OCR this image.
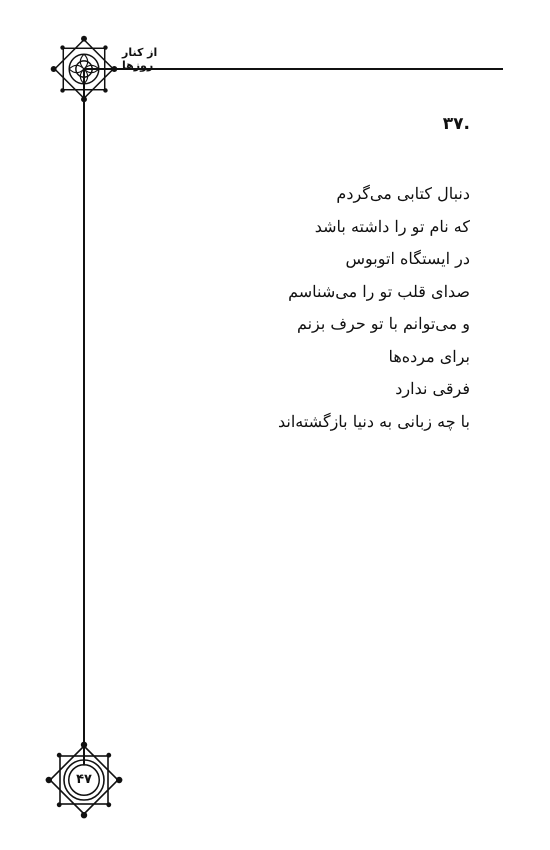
از کنار روزها
۳۷.
دنبال کتابی می‌گردم
که نام تو را داشته باشد
در ایستگاه اتوبوس
صدای قلب تو را می‌شناسم
و می‌توانم با تو حرف بزنم
برای مرده‌ها
فرقی ندارد
با چه زبانی به دنیا بازگشته‌اند
۴۷
